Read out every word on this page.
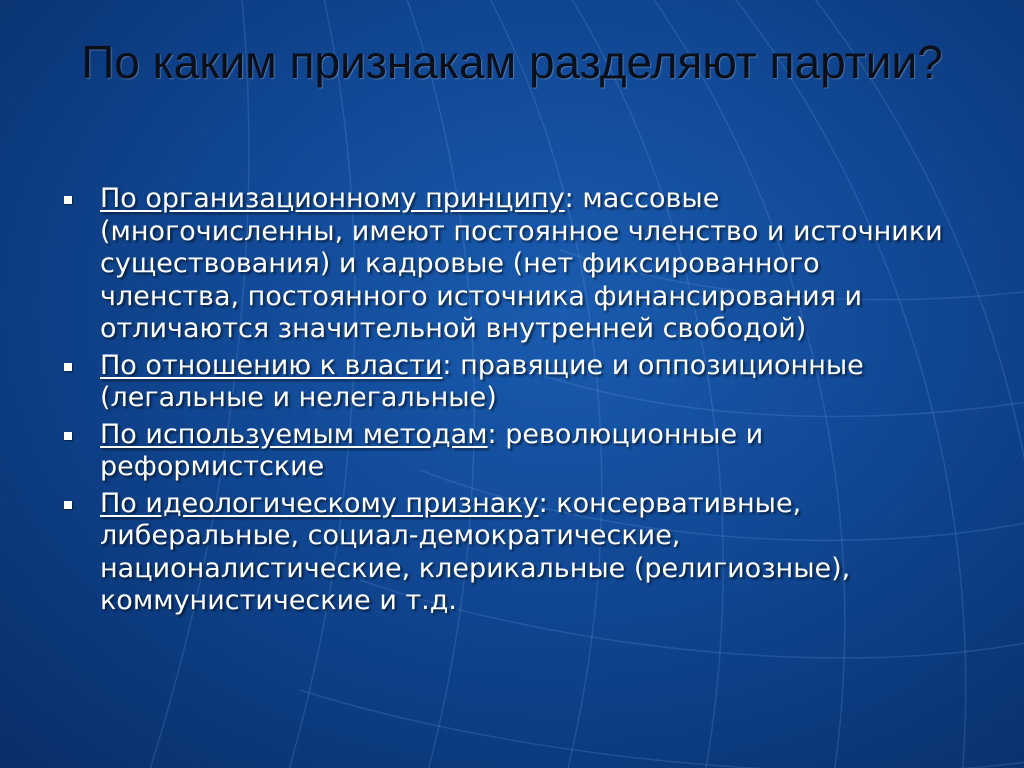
По каким признакам разделяют партии?
По организационному принципу: массовые (многочисленны, имеют постоянное членство и источники существования) и кадровые (нет фиксированного членства, постоянного источника финансирования и отличаются значительной внутренней свободой)
По отношению к власти: правящие и оппозиционные (легальные и нелегальные)
По используемым методам: революционные и реформистские
По идеологическому признаку: консервативные, либеральные, социал-демократические, националистические, клерикальные (религиозные), коммунистические и т.д.
